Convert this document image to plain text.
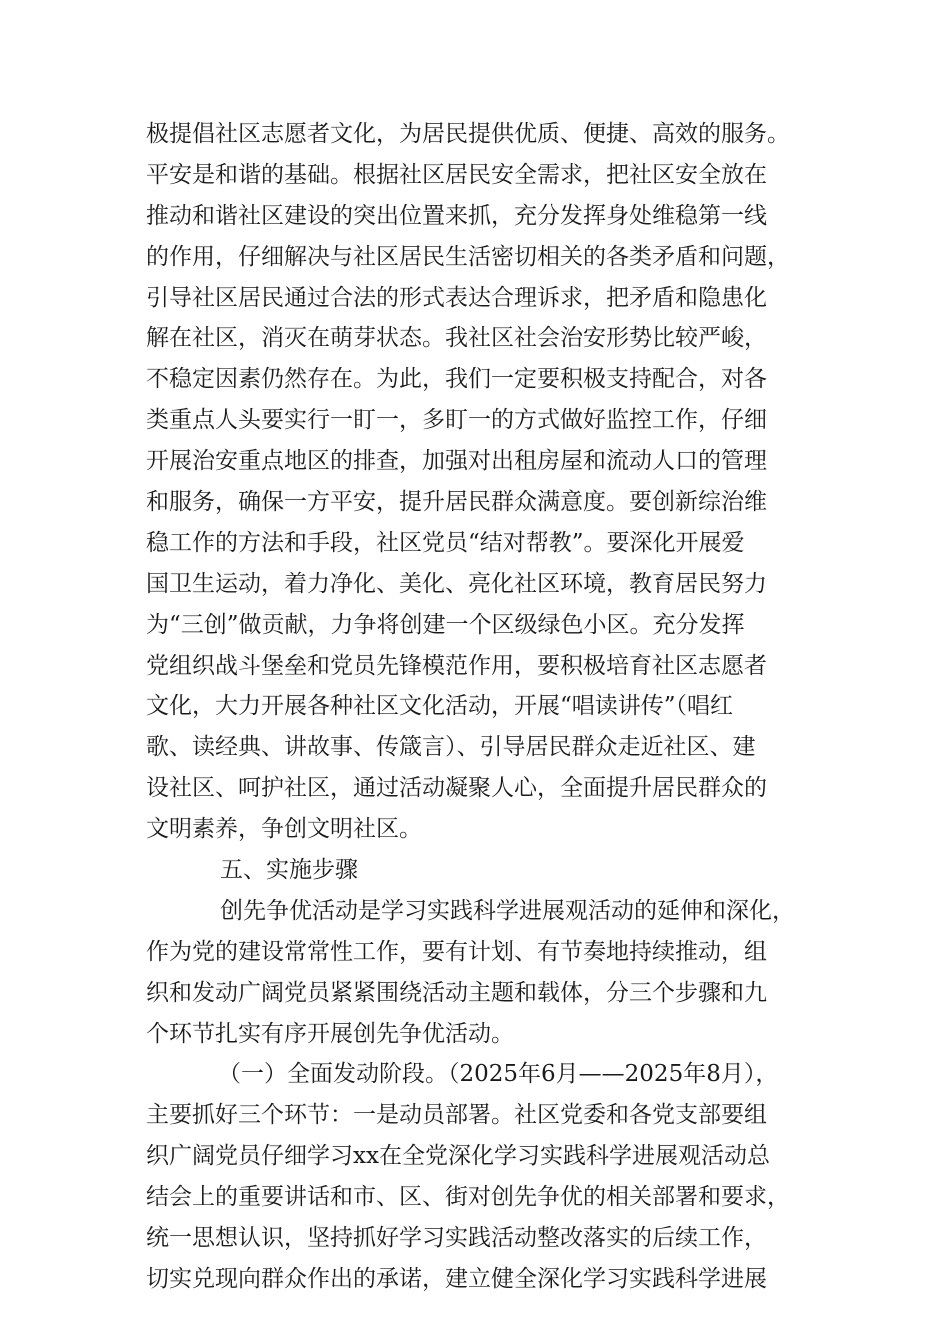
极提倡社区志愿者文化，为居民提供优质、便捷、高效的服务。
平安是和谐的基础。根据社区居民安全需求，把社区安全放在
推动和谐社区建设的突出位置来抓，充分发挥身处维稳第一线
的作用，仔细解决与社区居民生活密切相关的各类矛盾和问题，
引导社区居民通过合法的形式表达合理诉求，把矛盾和隐患化
解在社区，消灭在萌芽状态。我社区社会治安形势比较严峻，
不稳定因素仍然存在。为此，我们一定要积极支持配合，对各
类重点人头要实行一盯一，多盯一的方式做好监控工作，仔细
开展治安重点地区的排查，加强对出租房屋和流动人口的管理
和服务，确保一方平安，提升居民群众满意度。要创新综治维
稳工作的方法和手段，社区党员“结对帮教”。要深化开展爱
国卫生运动，着力净化、美化、亮化社区环境，教育居民努力
为“三创”做贡献，力争将创建一个区级绿色小区。充分发挥
党组织战斗堡垒和党员先锋模范作用，要积极培育社区志愿者
文化，大力开展各种社区文化活动，开展“唱读讲传”（唱红
歌、读经典、讲故事、传箴言）、引导居民群众走近社区、建
设社区、呵护社区，通过活动凝聚人心，全面提升居民群众的
文明素养，争创文明社区。
五、实施步骤
创先争优活动是学习实践科学进展观活动的延伸和深化，
作为党的建设常常性工作，要有计划、有节奏地持续推动，组
织和发动广阔党员紧紧围绕活动主题和载体，分三个步骤和九
个环节扎实有序开展创先争优活动。
（一）全面发动阶段。（2025年6月——2025年8月），
主要抓好三个环节：一是动员部署。社区党委和各党支部要组
织广阔党员仔细学习xx在全党深化学习实践科学进展观活动总
结会上的重要讲话和市、区、街对创先争优的相关部署和要求，
统一思想认识，坚持抓好学习实践活动整改落实的后续工作，
切实兑现向群众作出的承诺，建立健全深化学习实践科学进展
